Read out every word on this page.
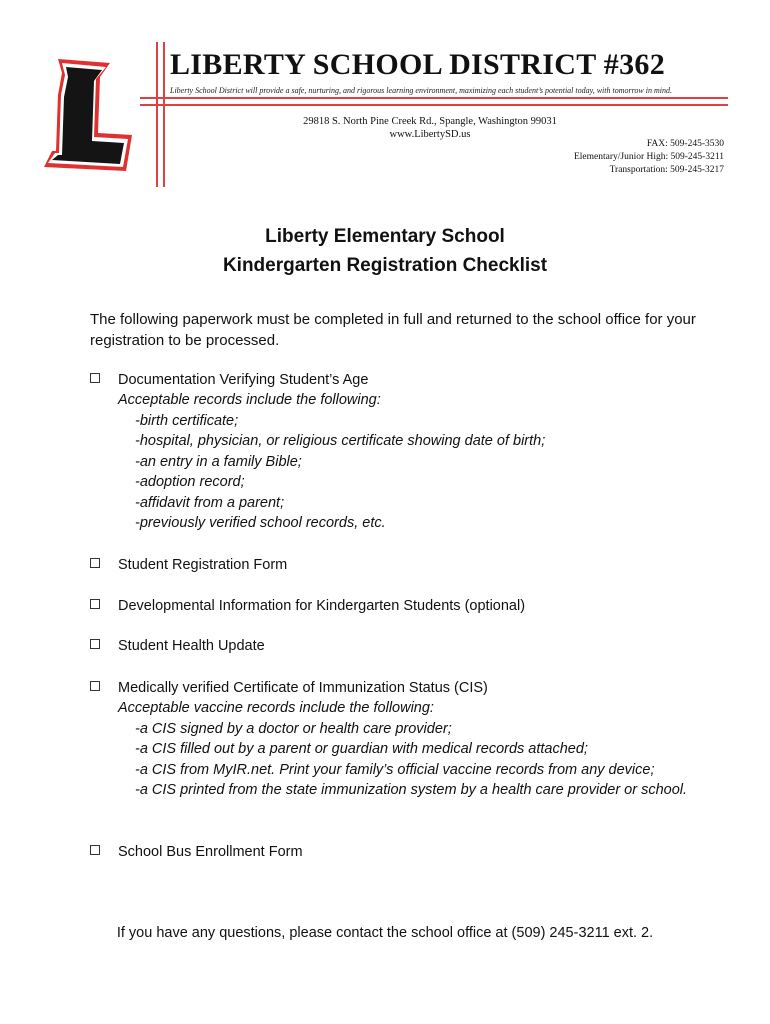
LIBERTY SCHOOL DISTRICT #362
Liberty School District will provide a safe, nurturing, and rigorous learning environment, maximizing each student’s potential today, with tomorrow in mind.
29818 S. North Pine Creek Rd., Spangle, Washington 99031
www.LibertySD.us
FAX: 509-245-3530
Elementary/Junior High: 509-245-3211
Transportation: 509-245-3217
Liberty Elementary School
Kindergarten Registration Checklist
The following paperwork must be completed in full and returned to the school office for your registration to be processed.
Documentation Verifying Student’s Age
Acceptable records include the following:
-birth certificate;
-hospital, physician, or religious certificate showing date of birth;
-an entry in a family Bible;
-adoption record;
-affidavit from a parent;
-previously verified school records, etc.
Student Registration Form
Developmental Information for Kindergarten Students (optional)
Student Health Update
Medically verified Certificate of Immunization Status (CIS)
Acceptable vaccine records include the following:
-a CIS signed by a doctor or health care provider;
-a CIS filled out by a parent or guardian with medical records attached;
-a CIS from MyIR.net. Print your family’s official vaccine records from any device;
-a CIS printed from the state immunization system by a health care provider or school.
School Bus Enrollment Form
If you have any questions, please contact the school office at (509) 245-3211 ext. 2.
